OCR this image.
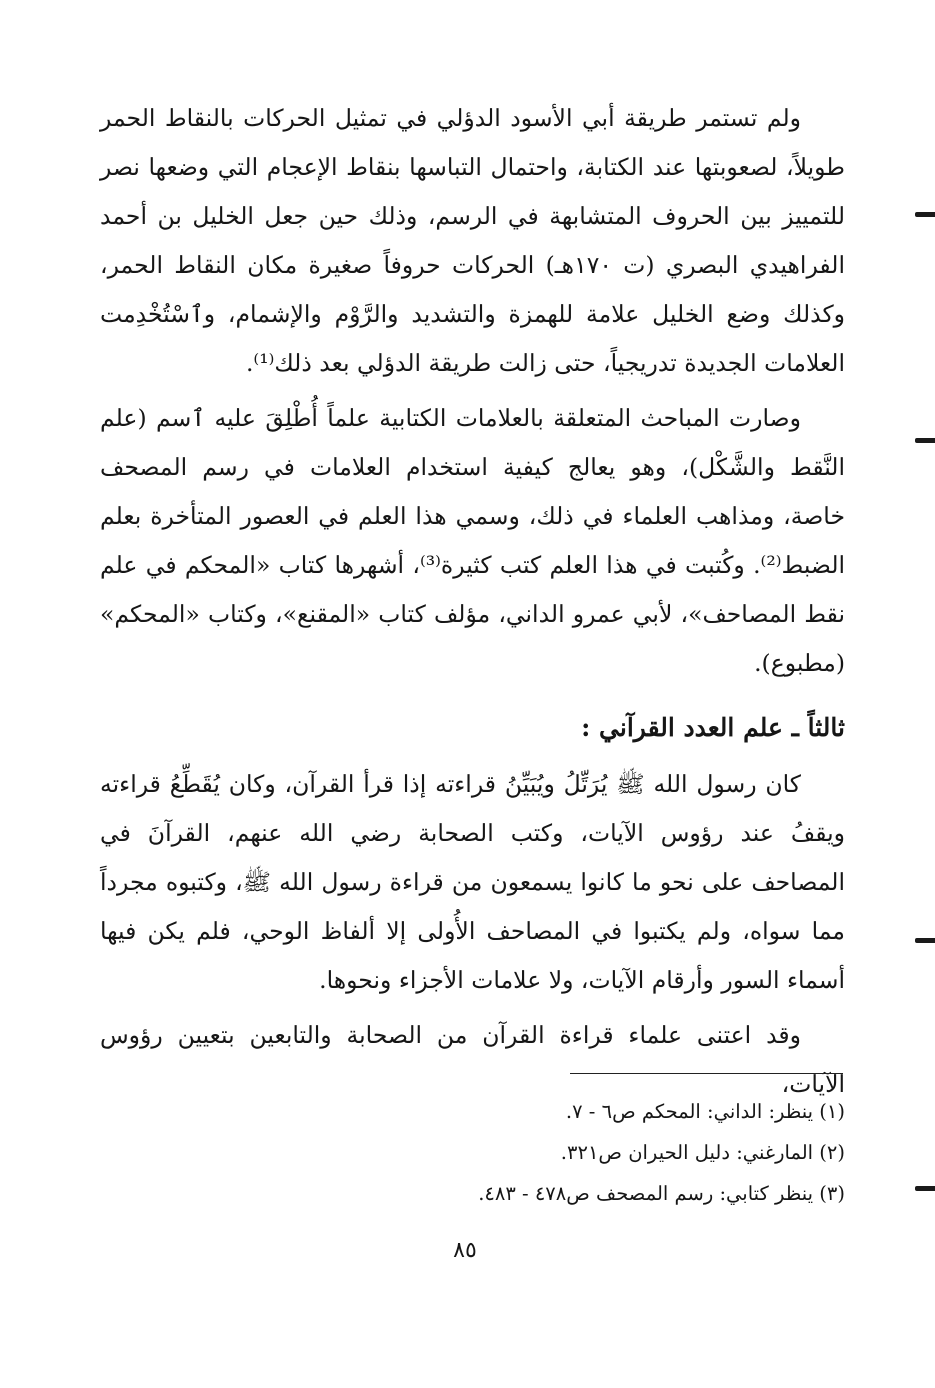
ولم تستمر طريقة أبي الأسود الدؤلي في تمثيل الحركات بالنقاط الحمر طويلاً، لصعوبتها عند الكتابة، واحتمال التباسها بنقاط الإعجام التي وضعها نصر للتمييز بين الحروف المتشابهة في الرسم، وذلك حين جعل الخليل بن أحمد الفراهيدي البصري (ت ١٧٠هـ) الحركات حروفاً صغيرة مكان النقاط الحمر، وكذلك وضع الخليل علامة للهمزة والتشديد والرَّوْم والإشمام، وٱسْتُخْدِمت العلامات الجديدة تدريجياً، حتى زالت طريقة الدؤلي بعد ذلك⁽¹⁾.

وصارت المباحث المتعلقة بالعلامات الكتابية علماً أُطْلِقَ عليه ٱسم (علم النَّقط والشَّكْل)، وهو يعالج كيفية استخدام العلامات في رسم المصحف خاصة، ومذاهب العلماء في ذلك، وسمي هذا العلم في العصور المتأخرة بعلم الضبط⁽²⁾. وكُتبت في هذا العلم كتب كثيرة⁽³⁾، أشهرها كتاب «المحكم في علم نقط المصاحف»، لأبي عمرو الداني، مؤلف كتاب «المقنع»، وكتاب «المحكم» (مطبوع).

ثالثاً ـ علم العدد القرآني :

كان رسول الله ﷺ يُرَتِّلُ ويُبَيِّنُ قراءته إذا قرأ القرآن، وكان يُقَطِّعُ قراءته ويقفُ عند رؤوس الآيات، وكتب الصحابة رضي الله عنهم، القرآنَ في المصاحف على نحو ما كانوا يسمعون من قراءة رسول الله ﷺ، وكتبوه مجرداً مما سواه، ولم يكتبوا في المصاحف الأُولى إلا ألفاظ الوحي، فلم يكن فيها أسماء السور وأرقام الآيات، ولا علامات الأجزاء ونحوها.

وقد اعتنى علماء قراءة القرآن من الصحابة والتابعين بتعيين رؤوس الآيات،

(١) ينظر: الداني: المحكم ص٦ - ٧.
(٢) المارغني: دليل الحيران ص٣٢١.
(٣) ينظر كتابي: رسم المصحف ص٤٧٨ - ٤٨٣.
٨٥
